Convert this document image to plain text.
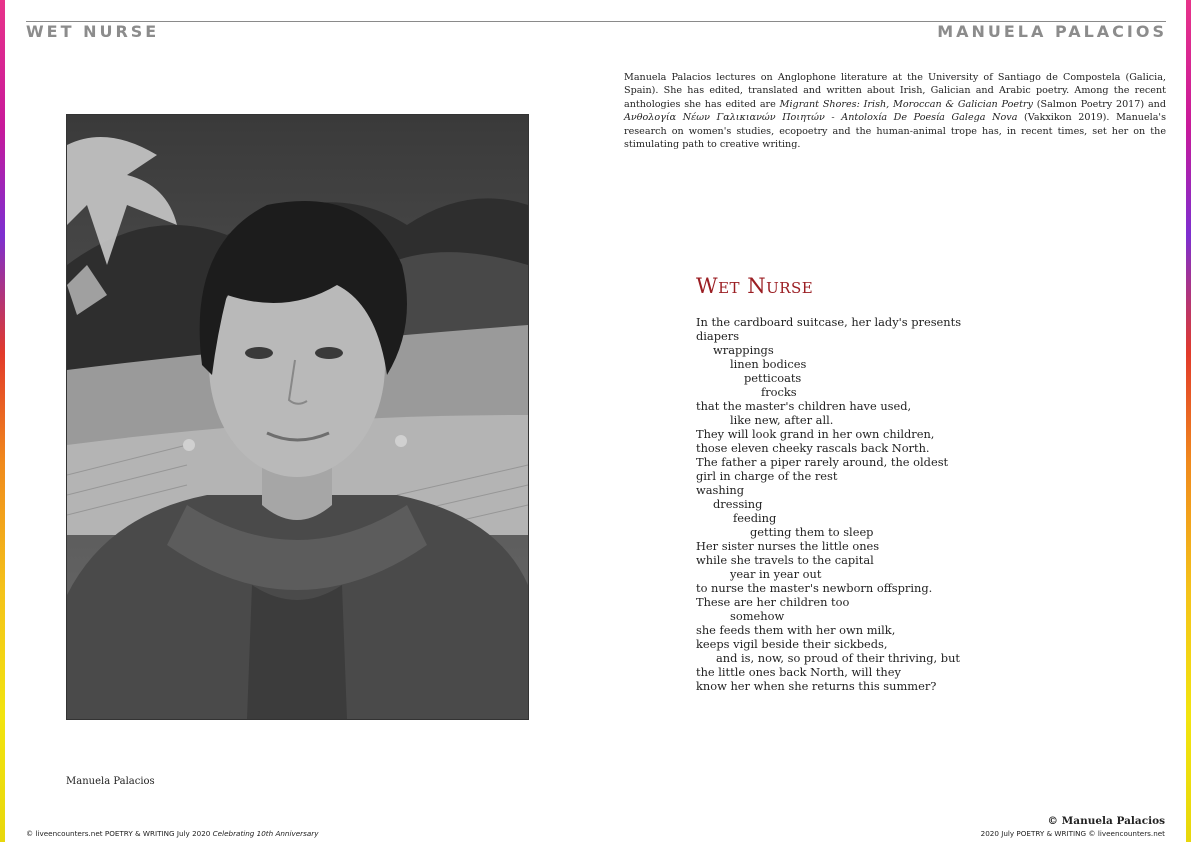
WET NURSE	MANUELA PALACIOS
Manuela Palacios lectures on Anglophone literature at the University of Santiago de Compostela (Galicia, Spain). She has edited, translated and written about Irish, Galician and Arabic poetry. Among the recent anthologies she has edited are Migrant Shores: Irish, Moroccan & Galician Poetry (Salmon Poetry 2017) and Ανθολογία Νέων Γαλικιανών Ποιητών - Antoloxía De Poesía Galega Nova (Vakxikon 2019). Manuela's research on women's studies, ecopoetry and the human-animal trope has, in recent times, set her on the stimulating path to creative writing.
Manuela Palacios
Wet Nurse
In the cardboard suitcase, her lady's presents
diapers
wrappings
linen bodices
petticoats
frocks
that the master's children have used,
like new, after all.
They will look grand in her own children,
those eleven cheeky rascals back North.
The father a piper rarely around, the oldest
girl in charge of the rest
washing
dressing
feeding
getting them to sleep
Her sister nurses the little ones
while she travels to the capital
year in year out
to nurse the master's newborn offspring.
These are her children too
somehow
she feeds them with her own milk,
keeps vigil beside their sickbeds,
and is, now, so proud of their thriving, but
the little ones back North, will they
know her when she returns this summer?
© Manuela Palacios
© liveencounters.net POETRY & WRITING July 2020 Celebrating 10th Anniversary	2020 July POETRY & WRITING © liveencounters.net
